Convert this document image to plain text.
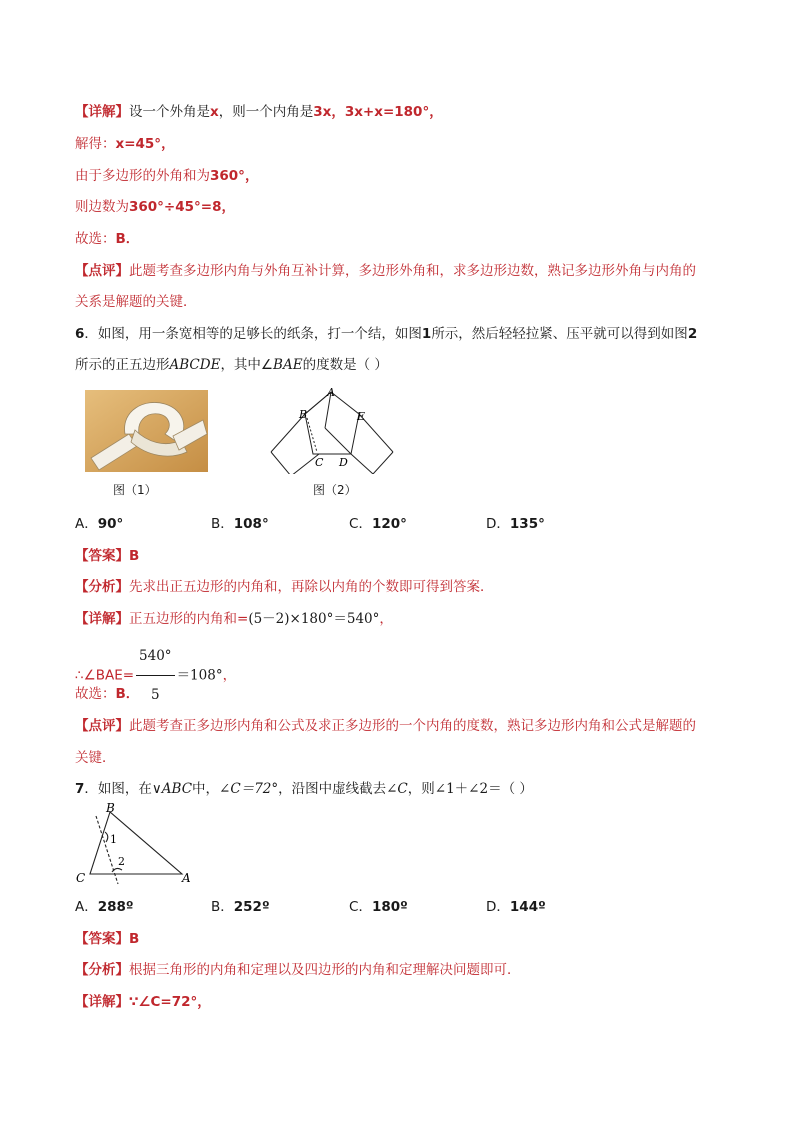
【详解】设一个外角是x，则一个内角是3x，3x+x=180°，
解得：x=45°，
由于多边形的外角和为360°，
则边数为360°÷45°=8，
故选：B．
【点评】此题考查多边形内角与外角互补计算，多边形外角和，求多边形边数，熟记多边形外角与内角的
关系是解题的关键．
6．如图，用一条宽相等的足够长的纸条，打一个结，如图1所示，然后轻轻拉紧、压平就可以得到如图2
所示的正五边形ABCDE，其中∠BAE的度数是（ ）
图（1）
A
B
C D
E
图（2）
A．90°	B．108°	C．120°	D．135°
【答案】B
【分析】先求出正五边形的内角和，再除以内角的个数即可得到答案．
【详解】正五边形的内角和=(5－2)×180°＝540°，
∴∠BAE= $\frac{540^\circ}{5} =108^\circ$，
故选：B．
【点评】此题考查正多边形内角和公式及求正多边形的一个内角的度数，熟记多边形内角和公式是解题的
关键．
7．如图，在∨ABC中，∠C＝72°，沿图中虚线截去∠C，则∠1＋∠2＝（ ）
B
C	A
1
2
A．288º	B．252º	C．180º	D．144º
【答案】B
【分析】根据三角形的内角和定理以及四边形的内角和定理解决问题即可．
【详解】∵∠C=72°，
